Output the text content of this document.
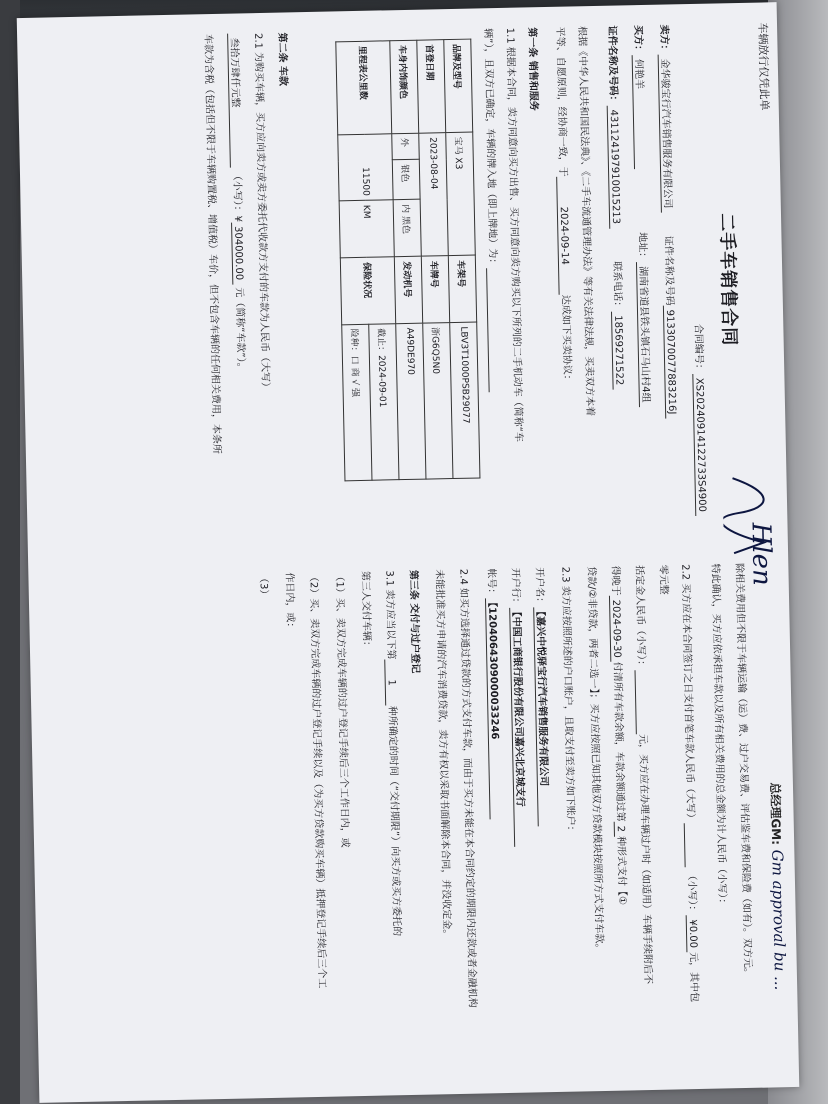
车辆放行仅凭此单
二手车销售合同
合同编号：XS20240914122733S4900
卖方：金华骏宝行汽车销售服务有限公司 证件名称及号码9133070077883216J
买方：何艳羊 地址：湖南省道县铁头镇石马山村4组
证件名称及号码：431124197910015213 联系电话：18569271522
根据《中华人民共和国民法典》、《二手车流通管理办法》等有关法律法规，买卖双方本着
平等、自愿原则，经协商一致，于2024-09-14达成如下买卖协议：
第一条 销售和服务
1.1 根据本合同，卖方同意向买方出售、买方同意向卖方购买以下所列的二手机动车（简称“车
辆”），且双方已确定，车辆的牌入地（即上牌地）为：
品牌及型号	宝马 X3			车架号	LBV3T1000PSB29077
首登日期	2023-08-04			车牌号	浙G6Q5N0
车身内饰颜色	外	银色	内 黑色	发动机号	A49DE970
里程表公里数	11500		KM	保险状况	截止：2024-09-01
					险种：口 商 √ 强
第二条 车款
2.1 为购买车辆，买方应向卖方或卖方委托代收款方支付的车款为人民币（大写）
叁拾万肆仟元整 （小写）：¥304000.00 元（简称“车款”）。
车款为含税（包括但不限于车辆购置税、增值税）车价，但不包含车辆的任何相关费用，本条所
除相关费用但不限于车辆运输（运）费、过户交易费、评估鉴车费和保险费（如有）。双方元。
特此确认，买方应依承担车款以及所有相关费用的总金额为计人民币（小写）：
2.2 买方应在本合同签订之日支付首笔车款人民币（大写） （小写）：¥0.00元，其中包
零元整
括定金人民币（小写）：元，买方应在办理车辆过户时（如适用）车辆手续附后不
得晚于2024-09-30付清所有车款余额，车款余额通过第2种形式支付【①
贷款/②非贷款，两者二选一】；买方应按照已知其他双方贷款模块按照所方式支付车款。
2.3 卖方应按照所述的户口账户，且取支付至卖方如下账户：
开户名：【嘉兴中悦驿宝行汽车销售服务有限公司
开户行：【中国工商银行股份有限公司嘉兴北京城支行
帐号：【1204064309000033246
2.4 如买方选择通过贷款的方式支付车款，而由于买方未能在本合同约定的期限内还款或者金融机构
未能批准买方申请的汽车消费贷款，卖方有权以采取书面解除本合同，并没收定金。
第三条 交付与过户登记
3.1 卖方应当以下第1种所确定的时间（“交付期限”）向买方或买方委托的
第三人交付车辆：
（1）买、卖双方完成车辆的过户登记手续后三个工作日内，或
（2）买、卖双方完成车辆的过户登记手续以及（为买方贷款购买车辆）抵押登记手续后三个工
作日内，或：
（3）
总经理GM: Gm approval bu ...
Hlen
